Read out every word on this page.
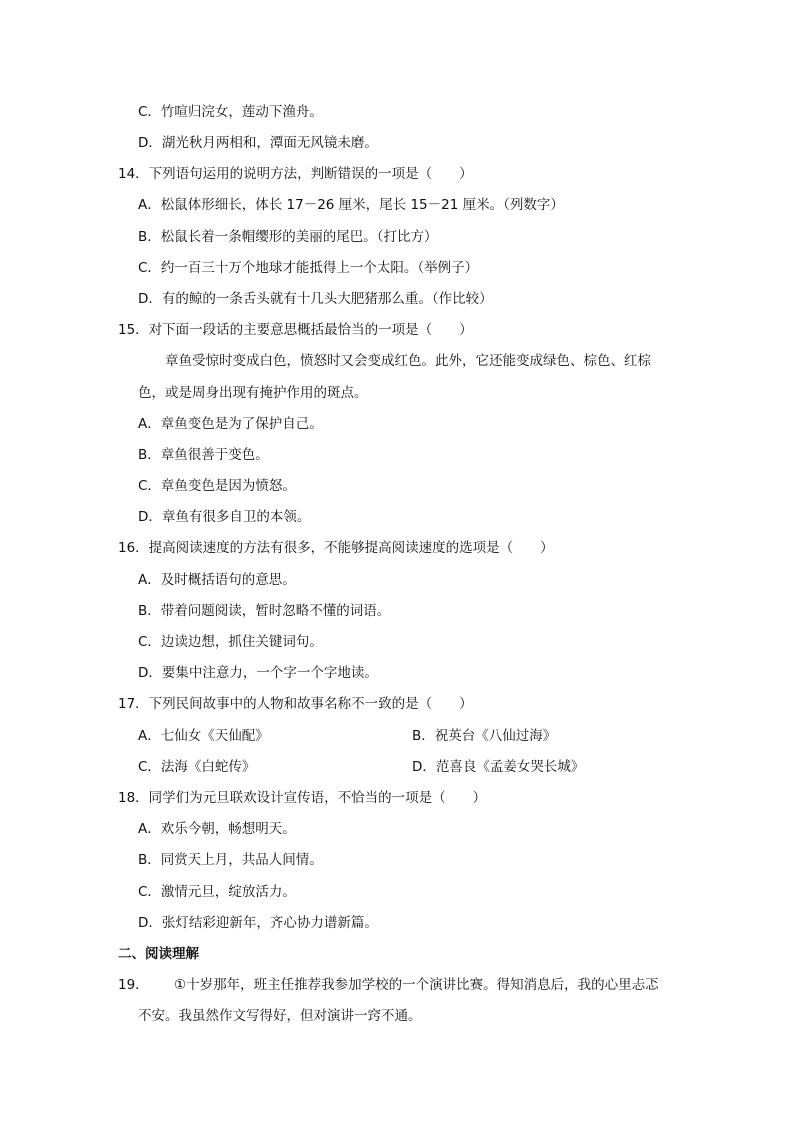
C．竹喧归浣女，莲动下渔舟。
D．湖光秋月两相和，潭面无风镜未磨。
14．下列语句运用的说明方法，判断错误的一项是（　　）
A．松鼠体形细长，体长 17－26 厘米，尾长 15－21 厘米。（列数字）
B．松鼠长着一条帽缨形的美丽的尾巴。（打比方）
C．约一百三十万个地球才能抵得上一个太阳。（举例子）
D．有的鲸的一条舌头就有十几头大肥猪那么重。（作比较）
15．对下面一段话的主要意思概括最恰当的一项是（　　）
章鱼受惊时变成白色，愤怒时又会变成红色。此外，它还能变成绿色、棕色、红棕
色，或是周身出现有掩护作用的斑点。
A．章鱼变色是为了保护自己。
B．章鱼很善于变色。
C．章鱼变色是因为愤怒。
D．章鱼有很多自卫的本领。
16．提高阅读速度的方法有很多，不能够提高阅读速度的选项是（　　）
A．及时概括语句的意思。
B．带着问题阅读，暂时忽略不懂的词语。
C．边读边想，抓住关键词句。
D．要集中注意力，一个字一个字地读。
17．下列民间故事中的人物和故事名称不一致的是（　　）
A．七仙女《天仙配》	B．祝英台《八仙过海》
C．法海《白蛇传》	D．范喜良《孟姜女哭长城》
18．同学们为元旦联欢设计宣传语，不恰当的一项是（　　）
A．欢乐今朝，畅想明天。
B．同赏天上月，共品人间情。
C．激情元旦，绽放活力。
D．张灯结彩迎新年，齐心协力谱新篇。
二、阅读理解
19． ①十岁那年，班主任推荐我参加学校的一个演讲比赛。得知消息后，我的心里忐忑
不安。我虽然作文写得好，但对演讲一窍不通。
